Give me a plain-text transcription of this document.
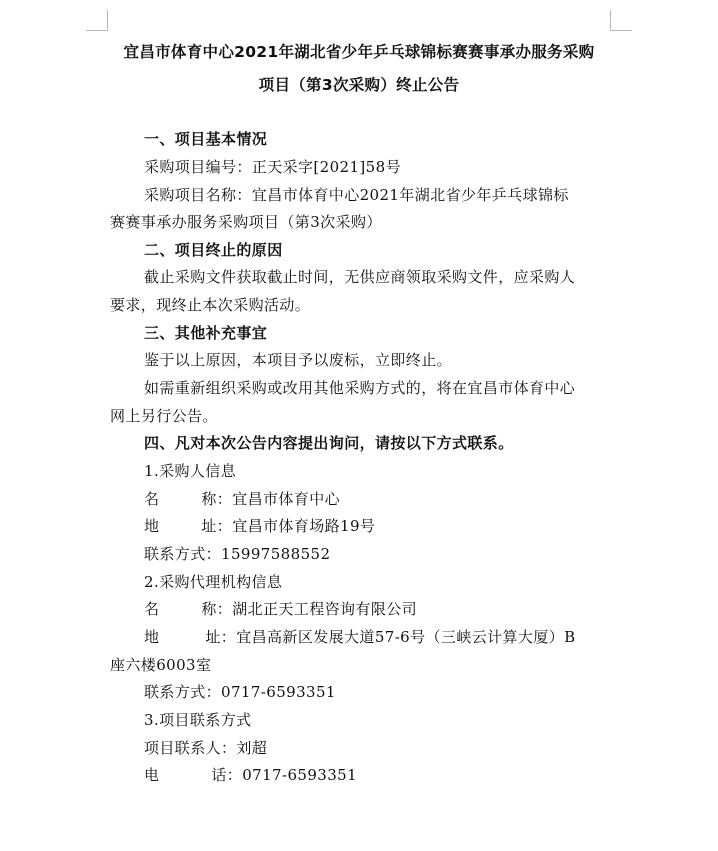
宜昌市体育中心2021年湖北省少年乒乓球锦标赛赛事承办服务采购
项目（第3次采购）终止公告
一、项目基本情况
采购项目编号：正天采字[2021]58号
采购项目名称：宜昌市体育中心2021年湖北省少年乒乓球锦标
赛赛事承办服务采购项目（第3次采购）
二、项目终止的原因
截止采购文件获取截止时间，无供应商领取采购文件，应采购人
要求，现终止本次采购活动。
三、其他补充事宜
鉴于以上原因，本项目予以废标，立即终止。
如需重新组织采购或改用其他采购方式的，将在宜昌市体育中心
网上另行公告。
四、凡对本次公告内容提出询问，请按以下方式联系。
1.采购人信息
名	称：宜昌市体育中心
地	址：宜昌市体育场路19号
联系方式：15997588552
2.采购代理机构信息
名	称：湖北正天工程咨询有限公司
地	址：宜昌高新区发展大道57-6号（三峡云计算大厦）B
座六楼6003室
联系方式：0717-6593351
3.项目联系方式
项目联系人：刘超
电	话：0717-6593351
